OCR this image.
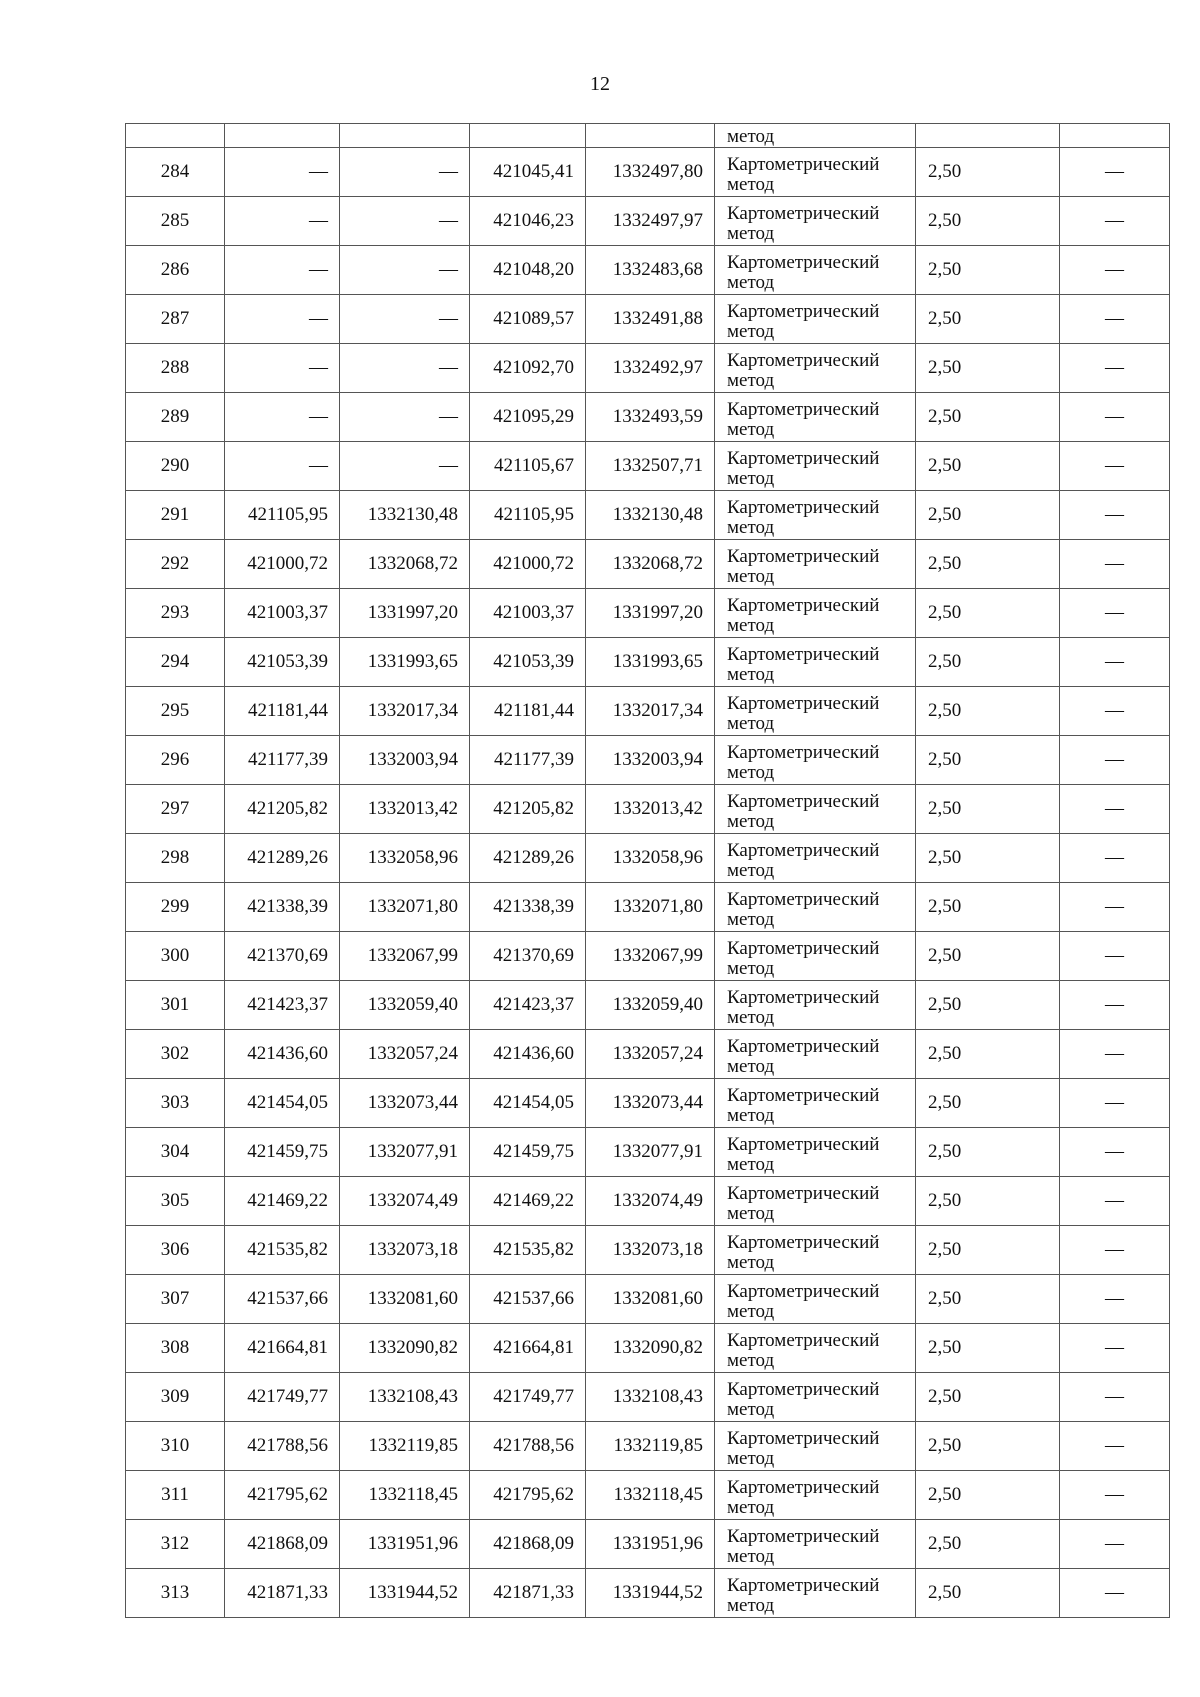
12
					метод		
284	—	—	421045,41	1332497,80	Картометрический
метод	2,50	—
285	—	—	421046,23	1332497,97	Картометрический
метод	2,50	—
286	—	—	421048,20	1332483,68	Картометрический
метод	2,50	—
287	—	—	421089,57	1332491,88	Картометрический
метод	2,50	—
288	—	—	421092,70	1332492,97	Картометрический
метод	2,50	—
289	—	—	421095,29	1332493,59	Картометрический
метод	2,50	—
290	—	—	421105,67	1332507,71	Картометрический
метод	2,50	—
291	421105,95	1332130,48	421105,95	1332130,48	Картометрический
метод	2,50	—
292	421000,72	1332068,72	421000,72	1332068,72	Картометрический
метод	2,50	—
293	421003,37	1331997,20	421003,37	1331997,20	Картометрический
метод	2,50	—
294	421053,39	1331993,65	421053,39	1331993,65	Картометрический
метод	2,50	—
295	421181,44	1332017,34	421181,44	1332017,34	Картометрический
метод	2,50	—
296	421177,39	1332003,94	421177,39	1332003,94	Картометрический
метод	2,50	—
297	421205,82	1332013,42	421205,82	1332013,42	Картометрический
метод	2,50	—
298	421289,26	1332058,96	421289,26	1332058,96	Картометрический
метод	2,50	—
299	421338,39	1332071,80	421338,39	1332071,80	Картометрический
метод	2,50	—
300	421370,69	1332067,99	421370,69	1332067,99	Картометрический
метод	2,50	—
301	421423,37	1332059,40	421423,37	1332059,40	Картометрический
метод	2,50	—
302	421436,60	1332057,24	421436,60	1332057,24	Картометрический
метод	2,50	—
303	421454,05	1332073,44	421454,05	1332073,44	Картометрический
метод	2,50	—
304	421459,75	1332077,91	421459,75	1332077,91	Картометрический
метод	2,50	—
305	421469,22	1332074,49	421469,22	1332074,49	Картометрический
метод	2,50	—
306	421535,82	1332073,18	421535,82	1332073,18	Картометрический
метод	2,50	—
307	421537,66	1332081,60	421537,66	1332081,60	Картометрический
метод	2,50	—
308	421664,81	1332090,82	421664,81	1332090,82	Картометрический
метод	2,50	—
309	421749,77	1332108,43	421749,77	1332108,43	Картометрический
метод	2,50	—
310	421788,56	1332119,85	421788,56	1332119,85	Картометрический
метод	2,50	—
311	421795,62	1332118,45	421795,62	1332118,45	Картометрический
метод	2,50	—
312	421868,09	1331951,96	421868,09	1331951,96	Картометрический
метод	2,50	—
313	421871,33	1331944,52	421871,33	1331944,52	Картометрический
метод	2,50	—
